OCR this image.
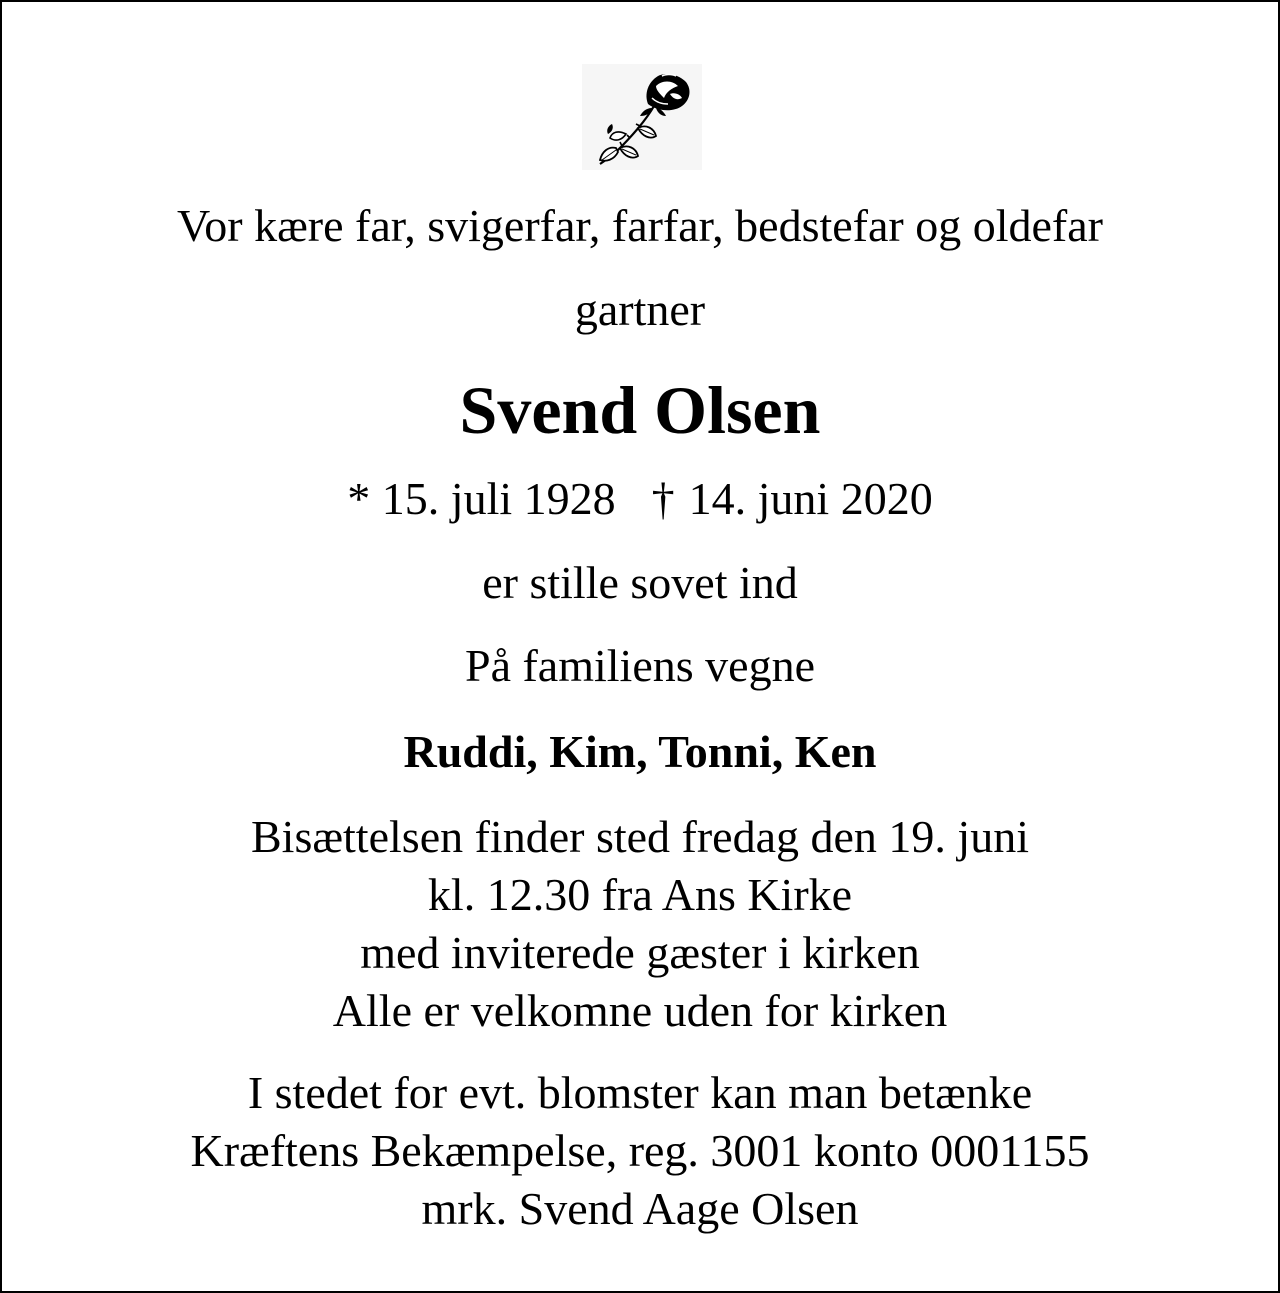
Vor kære far, svigerfar, farfar, bedstefar og oldefar
gartner
Svend Olsen
* 15. juli 1928 † 14. juni 2020
er stille sovet ind
På familiens vegne
Ruddi, Kim, Tonni, Ken
Bisættelsen finder sted fredag den 19. juni
kl. 12.30 fra Ans Kirke
med inviterede gæster i kirken
Alle er velkomne uden for kirken
I stedet for evt. blomster kan man betænke
Kræftens Bekæmpelse, reg. 3001 konto 0001155
mrk. Svend Aage Olsen
